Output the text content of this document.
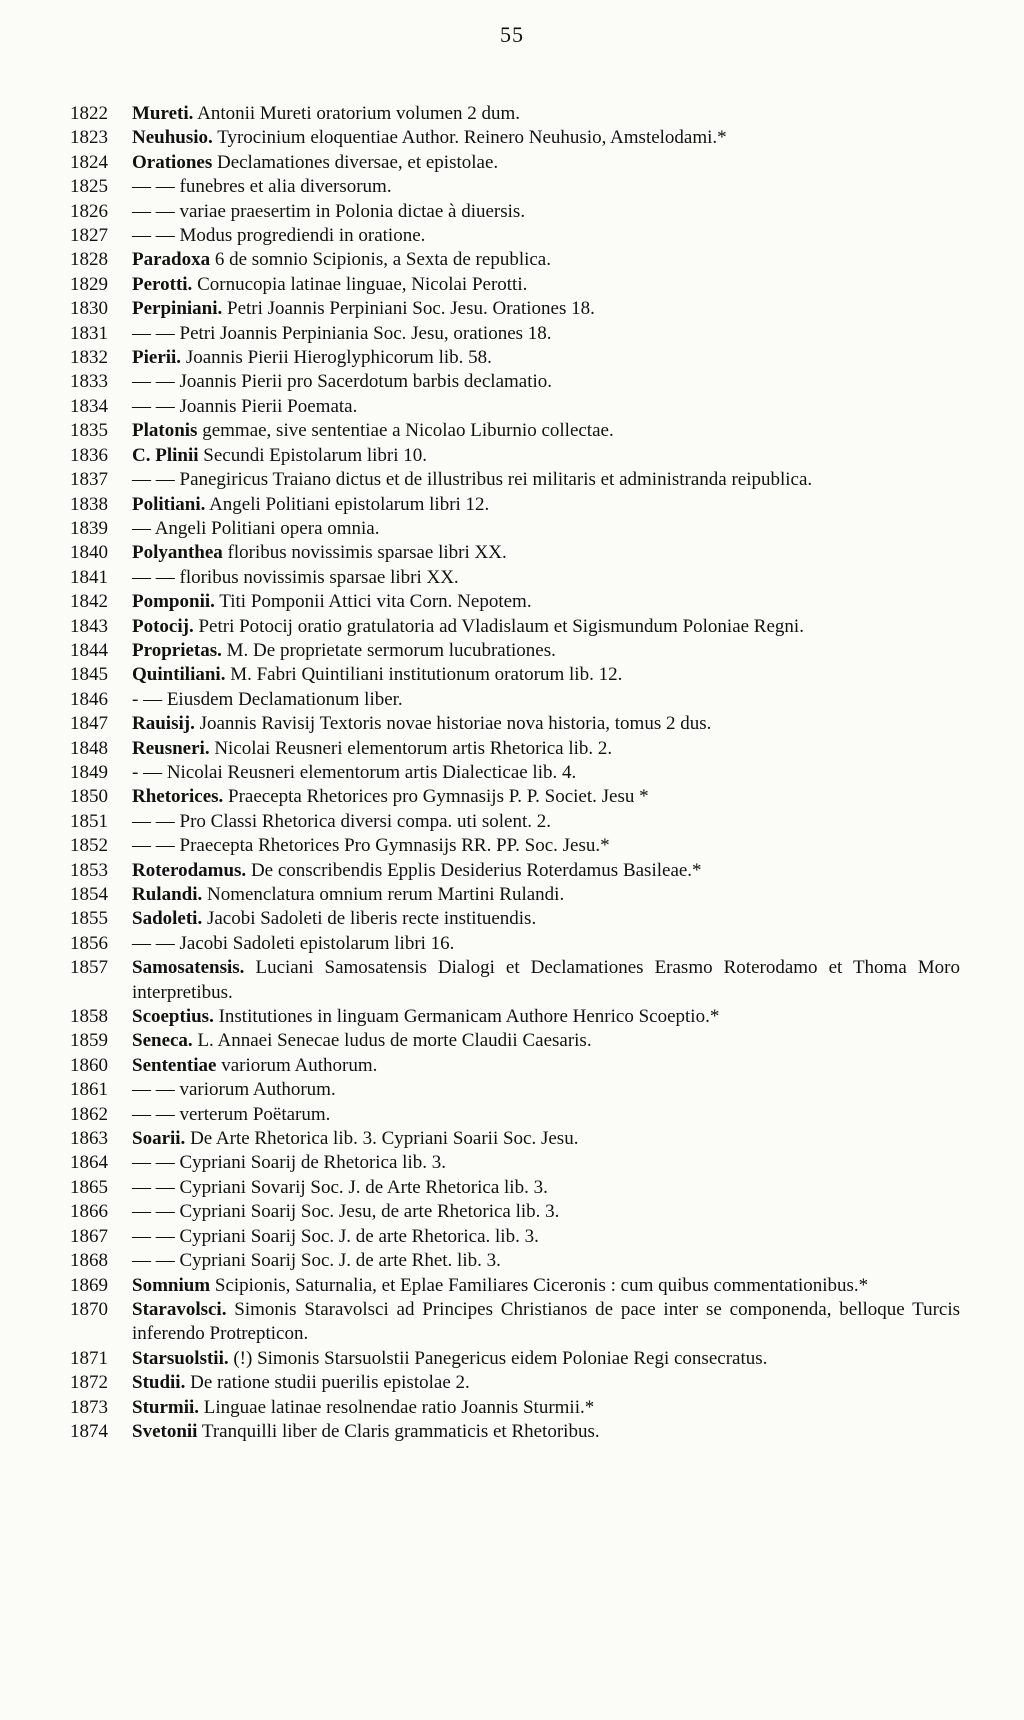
55
1822	Mureti. Antonii Mureti oratorium volumen 2 dum.
1823	Neuhusio. Tyrocinium eloquentiae Author. Reinero Neuhusio, Amstelodami.*
1824	Orationes Declamationes diversae, et epistolae.
1825	— — funebres et alia diversorum.
1826	— — variae praesertim in Polonia dictae à diuersis.
1827	— — Modus progrediendi in oratione.
1828	Paradoxa 6 de somnio Scipionis, a Sexta de republica.
1829	Perotti. Cornucopia latinae linguae, Nicolai Perotti.
1830	Perpiniani. Petri Joannis Perpiniani Soc. Jesu. Orationes 18.
1831	— — Petri Joannis Perpiniania Soc. Jesu, orationes 18.
1832	Pierii. Joannis Pierii Hieroglyphicorum lib. 58.
1833	— — Joannis Pierii pro Sacerdotum barbis declamatio.
1834	— — Joannis Pierii Poemata.
1835	Platonis gemmae, sive sententiae a Nicolao Liburnio collectae.
1836	C. Plinii Secundi Epistolarum libri 10.
1837	— — Panegiricus Traiano dictus et de illustribus rei militaris et administranda reipublica.
1838	Politiani. Angeli Politiani epistolarum libri 12.
1839	— Angeli Politiani opera omnia.
1840	Polyanthea floribus novissimis sparsae libri XX.
1841	— — floribus novissimis sparsae libri XX.
1842	Pomponii. Titi Pomponii Attici vita Corn. Nepotem.
1843	Potocij. Petri Potocij oratio gratulatoria ad Vladislaum et Sigismundum Poloniae Regni.
1844	Proprietas. M. De proprietate sermorum lucubrationes.
1845	Quintiliani. M. Fabri Quintiliani institutionum oratorum lib. 12.
1846	- — Eiusdem Declamationum liber.
1847	Rauisij. Joannis Ravisij Textoris novae historiae nova historia, tomus 2 dus.
1848	Reusneri. Nicolai Reusneri elementorum artis Rhetorica lib. 2.
1849	- — Nicolai Reusneri elementorum artis Dialecticae lib. 4.
1850	Rhetorices. Praecepta Rhetorices pro Gymnasijs P. P. Societ. Jesu *
1851	— — Pro Classi Rhetorica diversi compa. uti solent. 2.
1852	— — Praecepta Rhetorices Pro Gymnasijs RR. PP. Soc. Jesu.*
1853	Roterodamus. De conscribendis Epplis Desiderius Roterdamus Basileae.*
1854	Rulandi. Nomenclatura omnium rerum Martini Rulandi.
1855	Sadoleti. Jacobi Sadoleti de liberis recte instituendis.
1856	— — Jacobi Sadoleti epistolarum libri 16.
1857	Samosatensis. Luciani Samosatensis Dialogi et Declamationes Erasmo Roterodamo et Thoma Moro interpretibus.
1858	Scoeptius. Institutiones in linguam Germanicam Authore Henrico Scoeptio.*
1859	Seneca. L. Annaei Senecae ludus de morte Claudii Caesaris.
1860	Sententiae variorum Authorum.
1861	— — variorum Authorum.
1862	— — verterum Poëtarum.
1863	Soarii. De Arte Rhetorica lib. 3. Cypriani Soarii Soc. Jesu.
1864	— — Cypriani Soarij de Rhetorica lib. 3.
1865	— — Cypriani Sovarij Soc. J. de Arte Rhetorica lib. 3.
1866	— — Cypriani Soarij Soc. Jesu, de arte Rhetorica lib. 3.
1867	— — Cypriani Soarij Soc. J. de arte Rhetorica. lib. 3.
1868	— — Cypriani Soarij Soc. J. de arte Rhet. lib. 3.
1869	Somnium Scipionis, Saturnalia, et Eplae Familiares Ciceronis : cum quibus commentationibus.*
1870	Staravolsci. Simonis Staravolsci ad Principes Christianos de pace inter se componenda, belloque Turcis inferendo Protrepticon.
1871	Starsuolstii. (!) Simonis Starsuolstii Panegericus eidem Poloniae Regi consecratus.
1872	Studii. De ratione studii puerilis epistolae 2.
1873	Sturmii. Linguae latinae resolnendae ratio Joannis Sturmii.*
1874	Svetonii Tranquilli liber de Claris grammaticis et Rhetoribus.
